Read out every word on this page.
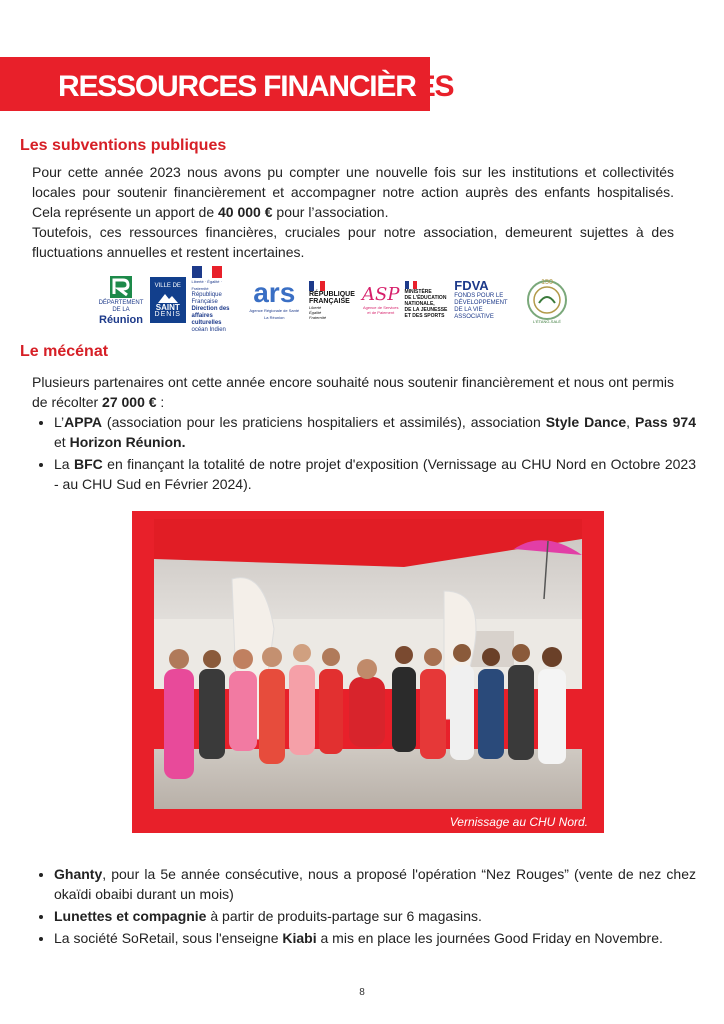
RESSOURCES FINANCIÈRES
Les subventions publiques

Pour cette année 2023 nous avons pu compter une nouvelle fois sur les institutions et collectivités locales pour soutenir financièrement et accompagner notre action auprès des enfants hospitalisés. Cela représente un apport de 40 000 € pour l’association.

Toutefois, ces ressources financières, cruciales pour notre association, demeurent sujettes à des fluctuations annuelles et restent incertaines.

DÉPARTEMENT
DE LA
Réunion
VILLE DE
SAINT
DENIS
Liberté · Égalité · Fraternité
République Française
Direction des
affaires culturelles
océan Indien
ars
Agence Régionale de Santé
La Réunion
RÉPUBLIQUE
FRANÇAISE
Liberté
Égalité
Fraternité
ASP
Agence de Services
et de Paiement
MINISTÈRE
DE L'ÉDUCATION
NATIONALE,
DE LA JEUNESSE
ET DES SPORTS
FDVA
FONDS POUR LE
DÉVELOPPEMENT
DE LA VIE
ASSOCIATIVE
150
L'ÉTANG-SALÉ
Le mécénat

Plusieurs partenaires ont cette année encore souhaité nous soutenir financièrement et nous ont permis de récolter 27 000 € :

• L’APPA (association pour les praticiens hospitaliers et assimilés), association Style Dance, Pass 974 et Horizon Réunion.
• La BFC en finançant la totalité de notre projet d'exposition (Vernissage au CHU Nord en Octobre 2023 - au CHU Sud en Février 2024).
Vernissage au CHU Nord.
• Ghanty, pour la 5e année consécutive, nous a proposé l'opération “Nez Rouges” (vente de nez chez okaïdi obaibi durant un mois)
• Lunettes et compagnie à partir de produits-partage sur 6 magasins.
• La société SoRetail, sous l'enseigne Kiabi a mis en place les journées Good Friday en Novembre.
8
